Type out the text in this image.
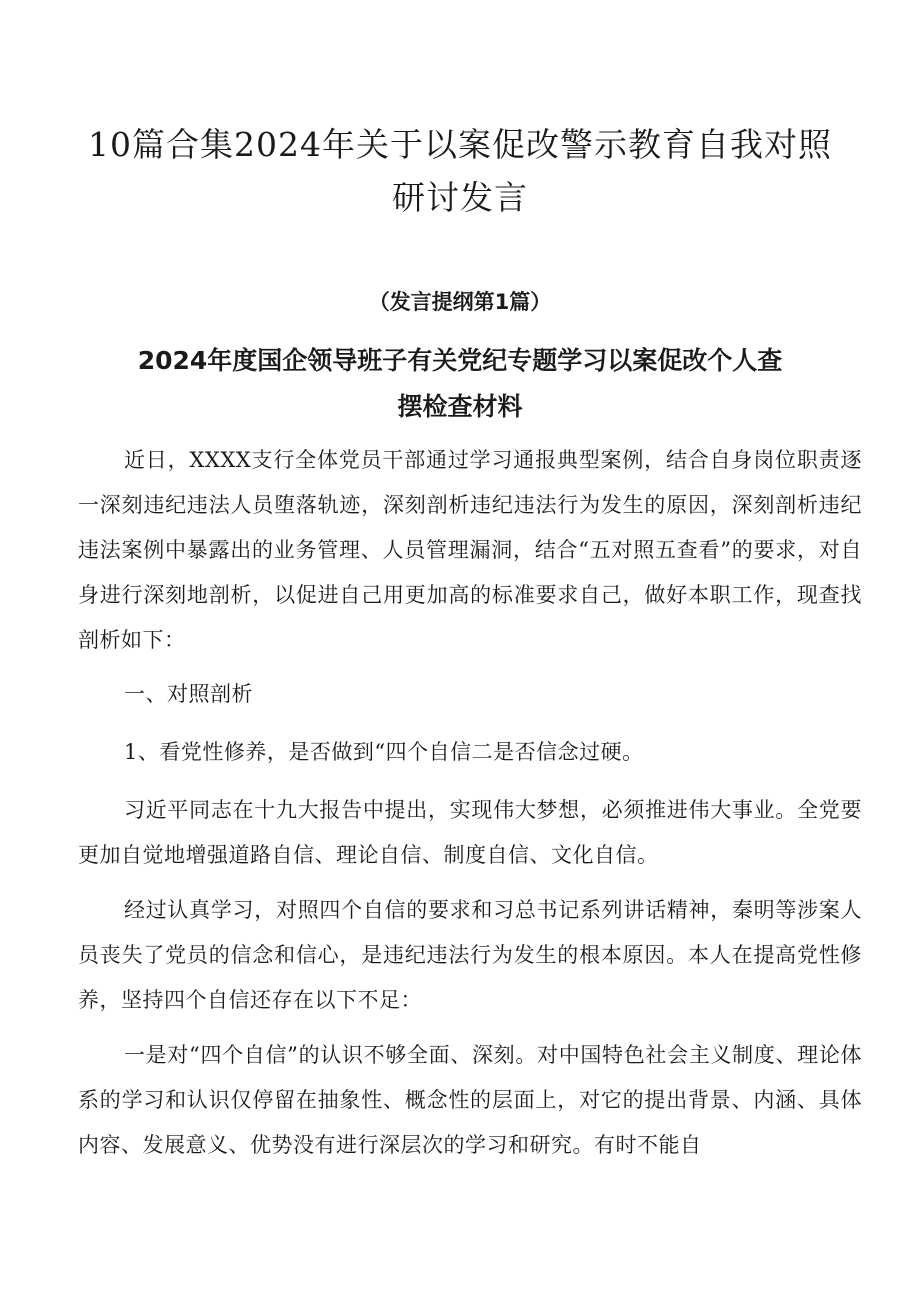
10篇合集2024年关于以案促改警示教育自我对照
研讨发言

（发言提纲第1篇）

2024年度国企领导班子有关党纪专题学习以案促改个人查
摆检查材料

近日，XXXX支行全体党员干部通过学习通报典型案例，结合自身岗位职责逐一深刻违纪违法人员堕落轨迹，深刻剖析违纪违法行为发生的原因，深刻剖析违纪违法案例中暴露出的业务管理、人员管理漏洞，结合“五对照五查看”的要求，对自身进行深刻地剖析，以促进自己用更加高的标准要求自己，做好本职工作，现查找剖析如下：

一、对照剖析

1、看党性修养，是否做到“四个自信二是否信念过硬。

习近平同志在十九大报告中提出，实现伟大梦想，必须推进伟大事业。全党要更加自觉地增强道路自信、理论自信、制度自信、文化自信。

经过认真学习，对照四个自信的要求和习总书记系列讲话精神，秦明等涉案人员丧失了党员的信念和信心，是违纪违法行为发生的根本原因。本人在提高党性修养，坚持四个自信还存在以下不足：

一是对“四个自信”的认识不够全面、深刻。对中国特色社会主义制度、理论体系的学习和认识仅停留在抽象性、概念性的层面上，对它的提出背景、内涵、具体内容、发展意义、优势没有进行深层次的学习和研究。有时不能自
